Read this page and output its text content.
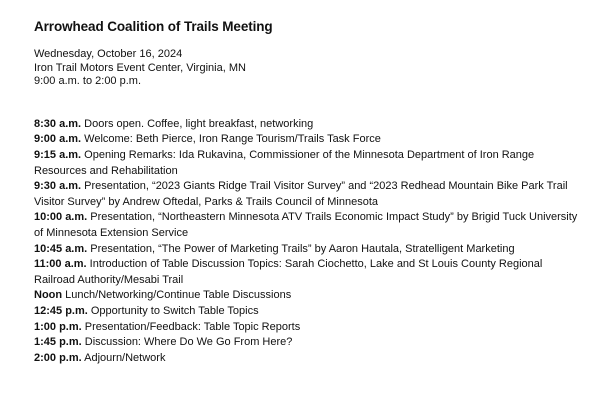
Arrowhead Coalition of Trails Meeting
Wednesday, October 16, 2024
Iron Trail Motors Event Center, Virginia, MN
9:00 a.m. to 2:00 p.m.
8:30 a.m. Doors open. Coffee, light breakfast, networking
9:00 a.m. Welcome: Beth Pierce, Iron Range Tourism/Trails Task Force
9:15 a.m. Opening Remarks: Ida Rukavina, Commissioner of the Minnesota Department of Iron Range Resources and Rehabilitation
9:30 a.m. Presentation, “2023 Giants Ridge Trail Visitor Survey” and “2023 Redhead Mountain Bike Park Trail Visitor Survey” by Andrew Oftedal, Parks & Trails Council of Minnesota
10:00 a.m. Presentation, “Northeastern Minnesota ATV Trails Economic Impact Study” by Brigid Tuck University of Minnesota Extension Service
10:45 a.m. Presentation, “The Power of Marketing Trails” by Aaron Hautala, Stratelligent Marketing
11:00 a.m. Introduction of Table Discussion Topics: Sarah Ciochetto, Lake and St Louis County Regional Railroad Authority/Mesabi Trail
Noon Lunch/Networking/Continue Table Discussions
12:45 p.m. Opportunity to Switch Table Topics
1:00 p.m. Presentation/Feedback: Table Topic Reports
1:45 p.m. Discussion: Where Do We Go From Here?
2:00 p.m. Adjourn/Network
